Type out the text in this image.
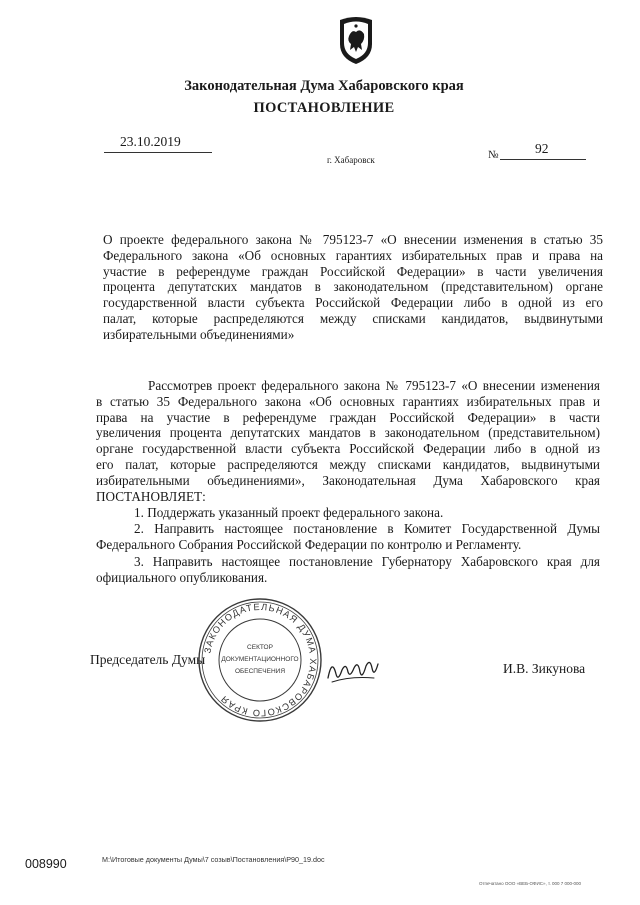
Законодательная Дума Хабаровского края
ПОСТАНОВЛЕНИЕ
23.10.2019
г. Хабаровск	№	92
О проекте федерального закона № 795123-7 «О внесении изменения в статью 35
Федерального закона «Об основных гарантиях избирательных прав и права на
участие в референдуме граждан Российской Федерации» в части увеличения
процента депутатских мандатов в законодательном (представительном) органе
государственной власти субъекта Российской Федерации либо в одной из его
палат, которые распределяются между списками кандидатов, выдвинутыми
избирательными объединениями»
Рассмотрев проект федерального закона № 795123-7 «О внесении изменения
в статью 35 Федерального закона «Об основных гарантиях избирательных прав и
права на участие в референдуме граждан Российской Федерации» в части
увеличения процента депутатских мандатов в законодательном (представительном)
органе государственной власти субъекта Российской Федерации либо в одной из
его палат, которые распределяются между списками кандидатов, выдвинутыми
избирательными объединениями», Законодательная Дума Хабаровского края
ПОСТАНОВЛЯЕТ:
1. Поддержать указанный проект федерального закона.
2. Направить настоящее постановление в Комитет Государственной Думы
Федерального Собрания Российской Федерации по контролю и Регламенту.
3. Направить настоящее постановление Губернатору Хабаровского края для
официального опубликования.
Председатель Думы
И.В. Зикунова
ЗАКОНОДАТЕЛЬНАЯ ДУМА ХАБАРОВСКОГО КРАЯ
СЕКТОР
ДОКУМЕНТАЦИОННОГО
ОБЕСПЕЧЕНИЯ
008990	M:\Итоговые документы Думы\7 созыв\Постановления\P90_19.doc
Отпечатано ООО «ВЕБ-ОФИС», т. 000 7 000-000
